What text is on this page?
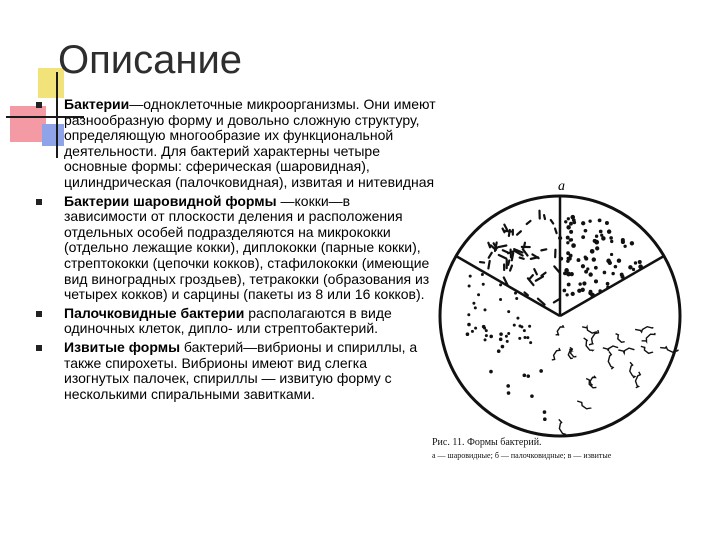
Описание
Бактерии—одноклеточные микроорганизмы. Они имеют разнообразную форму и довольно сложную структуру, определяющую многообразие их функциональной деятельности. Для бактерий характерны четыре основные формы: сферическая (шаровидная), цилиндрическая (палочковидная), извитая и нитевидная
Бактерии шаровидной формы —кокки—в зависимости от плоскости деления и расположения отдельных особей подразделяются на микрококки (отдельно лежащие кокки), диплококки (парные кокки), стрептококки (цепочки кокков), стафилококки (имеющие вид виноградных гроздьев), тетракокки (образования из четырех кокков) и сарцины (пакеты из 8 или 16 кокков).
Палочковидные бактерии располагаются в виде одиночных клеток, дипло- или стрептобактерий.
Извитые формы бактерий—вибрионы и спириллы, а также спирохеты. Вибрионы имеют вид слегка изогнутых палочек, спириллы — извитую форму с несколькими спиральными завитками.
а
Рис. 11. Формы бактерий.
а — шаровидные; б — палочковидные; в — извитые
